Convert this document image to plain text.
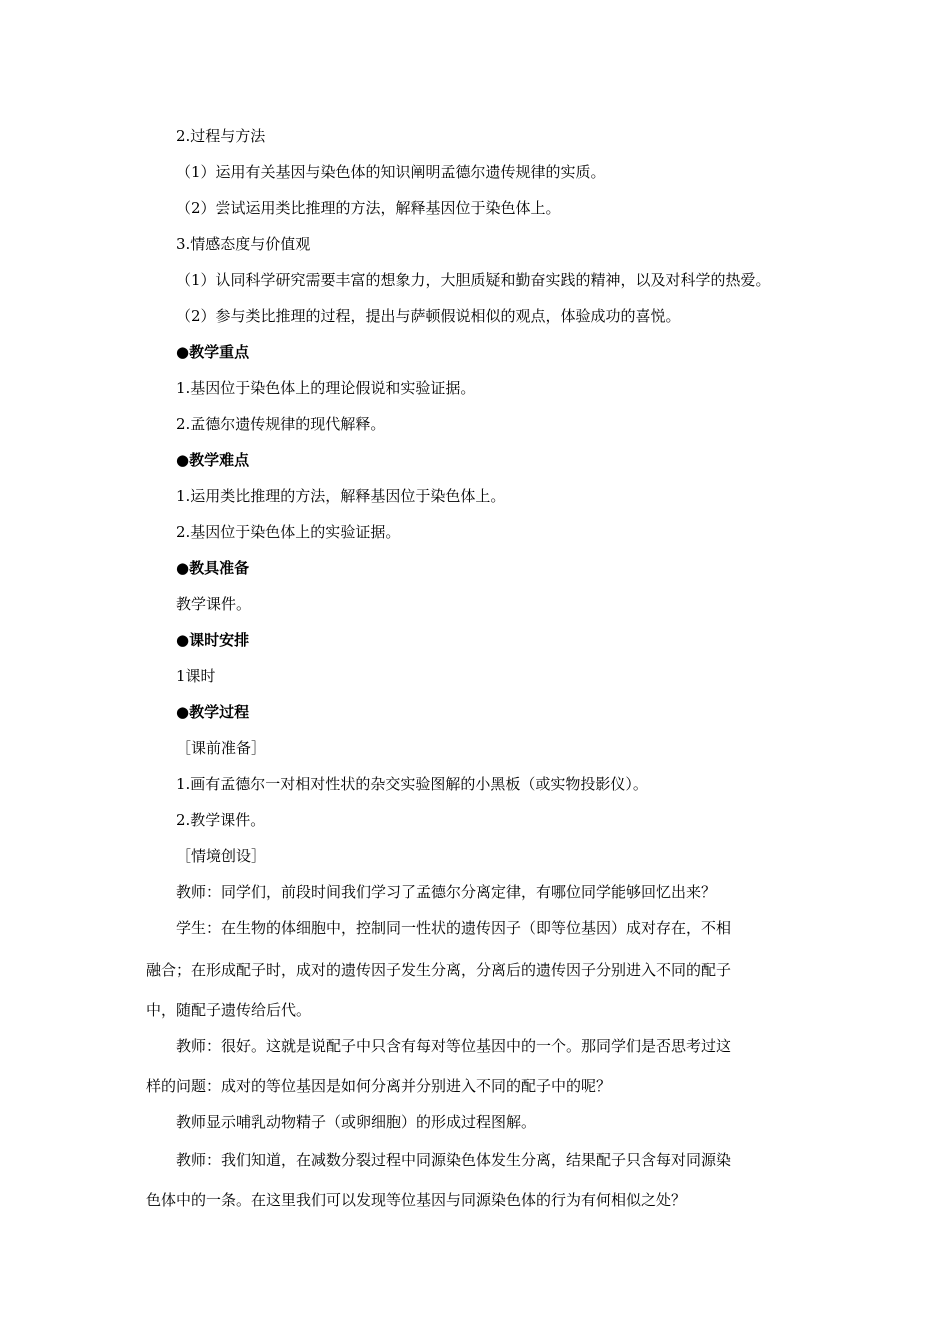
2.过程与方法
（1）运用有关基因与染色体的知识阐明孟德尔遗传规律的实质。
（2）尝试运用类比推理的方法，解释基因位于染色体上。
3.情感态度与价值观
（1）认同科学研究需要丰富的想象力，大胆质疑和勤奋实践的精神，以及对科学的热爱。
（2）参与类比推理的过程，提出与萨顿假说相似的观点，体验成功的喜悦。
●教学重点
1.基因位于染色体上的理论假说和实验证据。
2.孟德尔遗传规律的现代解释。
●教学难点
1.运用类比推理的方法，解释基因位于染色体上。
2.基因位于染色体上的实验证据。
●教具准备
教学课件。
●课时安排
1课时
●教学过程
［课前准备］
1.画有孟德尔一对相对性状的杂交实验图解的小黑板（或实物投影仪）。
2.教学课件。
［情境创设］
教师：同学们，前段时间我们学习了孟德尔分离定律，有哪位同学能够回忆出来？
学生：在生物的体细胞中，控制同一性状的遗传因子（即等位基因）成对存在，不相
融合；在形成配子时，成对的遗传因子发生分离，分离后的遗传因子分别进入不同的配子
中，随配子遗传给后代。
教师：很好。这就是说配子中只含有每对等位基因中的一个。那同学们是否思考过这
样的问题：成对的等位基因是如何分离并分别进入不同的配子中的呢？
教师显示哺乳动物精子（或卵细胞）的形成过程图解。
教师：我们知道，在减数分裂过程中同源染色体发生分离，结果配子只含每对同源染
色体中的一条。在这里我们可以发现等位基因与同源染色体的行为有何相似之处？
